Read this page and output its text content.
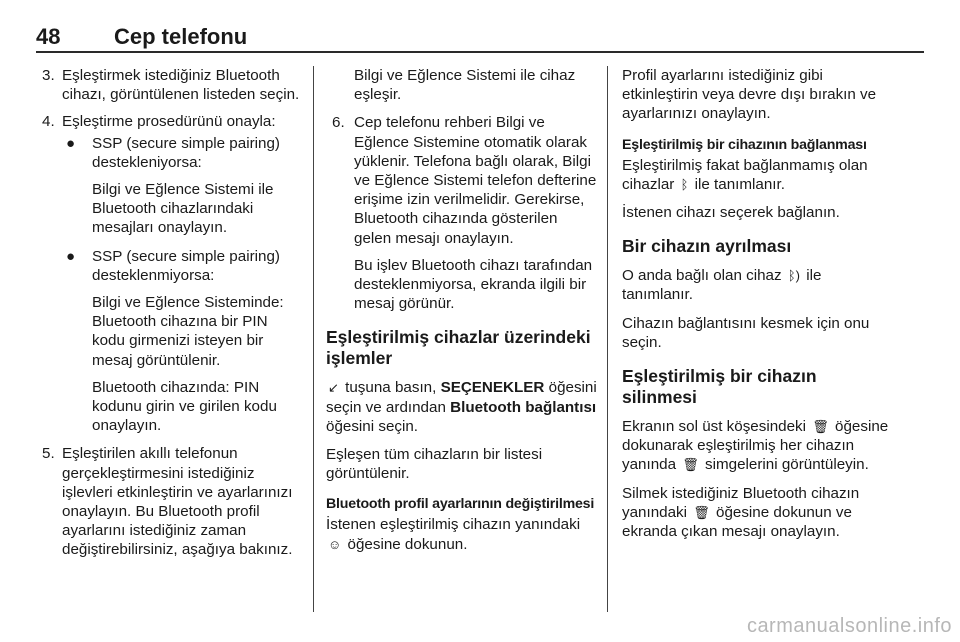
48 Cep telefonu
3. Eşleştirmek istediğiniz Bluetooth cihazı, görüntülenen listeden seçin.
4. Eşleştirme prosedürünü onayla:
● SSP (secure simple pairing) destekleniyorsa:
Bilgi ve Eğlence Sistemi ile Bluetooth cihazlarındaki mesajları onaylayın.
● SSP (secure simple pairing) desteklenmiyorsa:
Bilgi ve Eğlence Sisteminde: Bluetooth cihazına bir PIN kodu girmenizi isteyen bir mesaj görüntülenir.
Bluetooth cihazında: PIN kodunu girin ve girilen kodu onaylayın.
5. Eşleştirilen akıllı telefonun gerçekleştirmesini istediğiniz işlevleri etkinleştirin ve ayarlarınızı onaylayın. Bu Bluetooth profil ayarlarını istediğiniz zaman değiştirebilirsiniz, aşağıya bakınız.
Bilgi ve Eğlence Sistemi ile cihaz eşleşir.
6. Cep telefonu rehberi Bilgi ve Eğlence Sistemine otomatik olarak yüklenir. Telefona bağlı olarak, Bilgi ve Eğlence Sistemi telefon defterine erişime izin verilmelidir. Gerekirse, Bluetooth cihazında gösterilen gelen mesajı onaylayın.
Bu işlev Bluetooth cihazı tarafından desteklenmiyorsa, ekranda ilgili bir mesaj görünür.
Eşleştirilmiş cihazlar üzerindeki işlemler

↙ tuşuna basın, SEÇENEKLER öğesini seçin ve ardından Bluetooth bağlantısı öğesini seçin.

Eşleşen tüm cihazların bir listesi görüntülenir.

Bluetooth profil ayarlarının değiştirilmesi

İstenen eşleştirilmiş cihazın yanındaki ☺ öğesine dokunun.

Profil ayarlarını istediğiniz gibi etkinleştirin veya devre dışı bırakın ve ayarlarınızı onaylayın.

Eşleştirilmiş bir cihazının bağlanması

Eşleştirilmiş fakat bağlanmamış olan cihazlar ᛒ ile tanımlanır.

İstenen cihazı seçerek bağlanın.

Bir cihazın ayrılması

O anda bağlı olan cihaz ᛒ) ile tanımlanır.

Cihazın bağlantısını kesmek için onu seçin.

Eşleştirilmiş bir cihazın silinmesi

Ekranın sol üst köşesindeki 🗑 öğesine dokunarak eşleştirilmiş her cihazın yanında 🗑 simgelerini görüntüleyin.

Silmek istediğiniz Bluetooth cihazın yanındaki 🗑 öğesine dokunun ve ekranda çıkan mesajı onaylayın.

carmanualsonline.info
